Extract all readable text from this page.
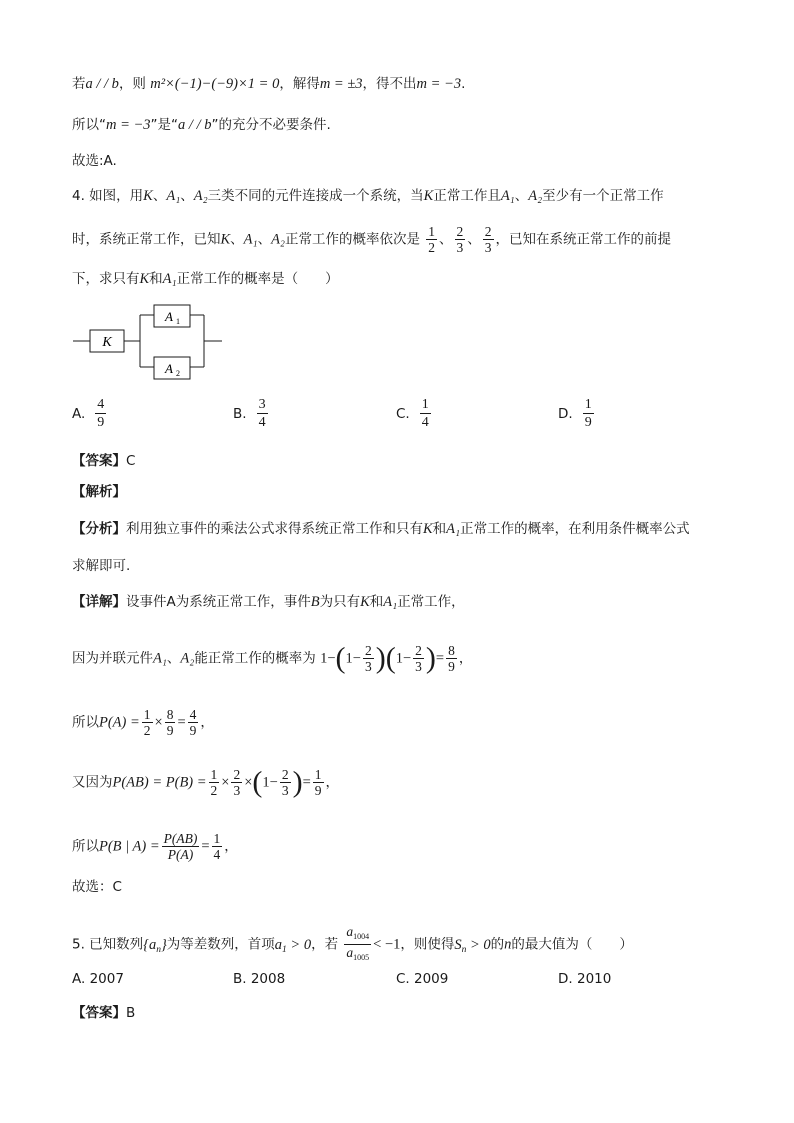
若a / / b，则 m²×(−1)−(−9)×1 = 0，解得m = ±3，得不出m = −3.
所以“m = −3”是“a / / b”的充分不必要条件.
故选:A.
4. 如图，用K、A₁、A₂三类不同的元件连接成一个系统，当K正常工作且A₁、A₂至少有一个正常工作
时，系统正常工作，已知K、A₁、A₂正常工作的概率依次是 $\frac{1}{2}$ 、 $\frac{2}{3}$ 、 $\frac{2}{3}$ ，已知在系统正常工作的前提
下，求只有K和A₁正常工作的概率是（　　）
K
A 1
A 2
A. $\frac{4}{9}$	B. $\frac{3}{4}$	C. $\frac{1}{4}$	D. $\frac{1}{9}$
【答案】C
【解析】
【分析】利用独立事件的乘法公式求得系统正常工作和只有K和A₁正常工作的概率，在利用条件概率公式
求解即可.
【详解】设事件A为系统正常工作，事件B为只有K和A₁正常工作，
因为并联元件A₁、A₂能正常工作的概率为 $1-(1- \frac{2}{3} )(1- \frac{2}{3}$ )= $\frac{8}{9}$ ，
所以$P(A) = \frac{1}{2} \times \frac{8}{9} = \frac{4}{9}$ ，
又因为$P(AB) = P(B) = \frac{1}{2} \times \frac{2}{3} \times(1- \frac{2}{3}$ )= $\frac{1}{9}$ ，
所以P(B | $A) = \frac{P(AB)}{P(A)} = \frac{1}{4}$ ，
故选：C
5. 已知数列$\{a_n\}$为等差数列，首项$a_1 > 0$，若 $\frac{a_{1004}}{a_{1005}} < -1$，则使得$S_n > 0$的n的最大值为（　　）
A. 2007	B. 2008	C. 2009	D. 2010
【答案】B
